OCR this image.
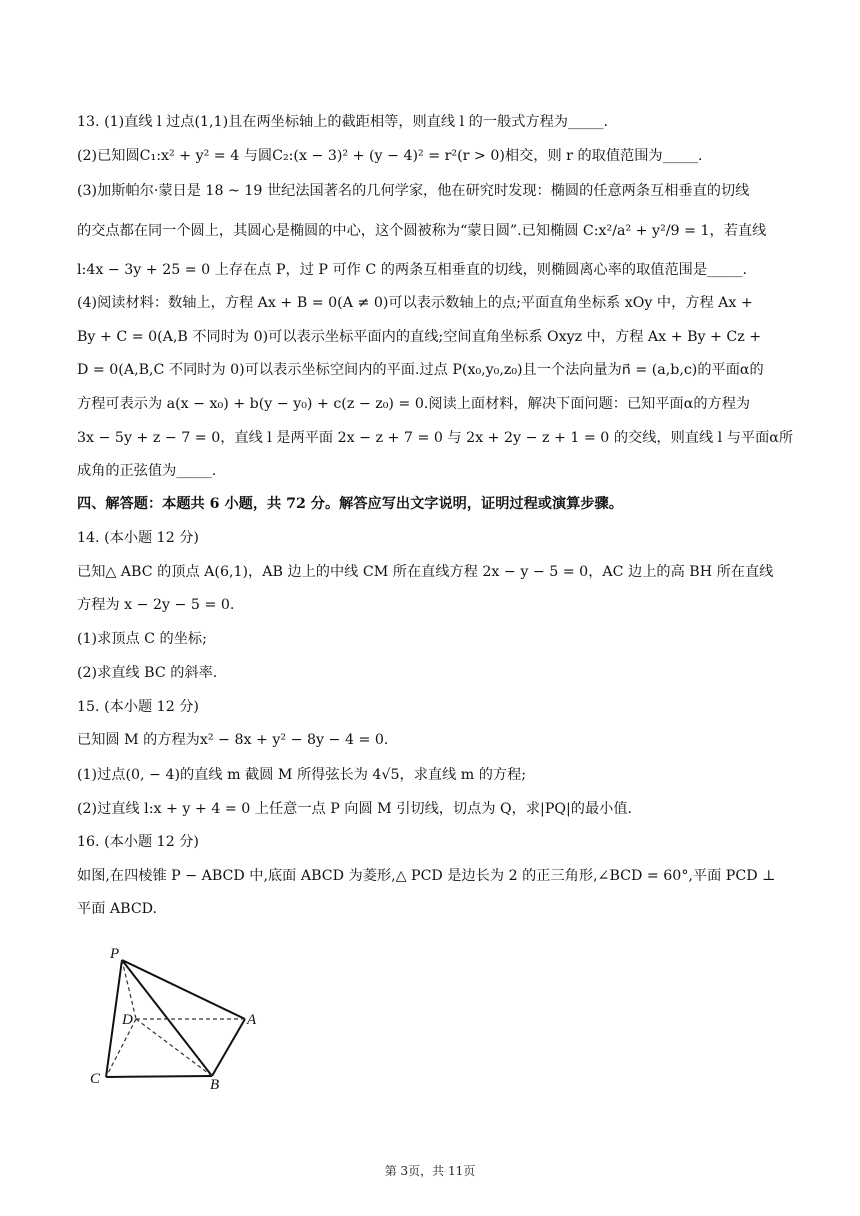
13. (1)直线 l 过点(1,1)且在两坐标轴上的截距相等，则直线 l 的一般式方程为_____.
(2)已知圆C₁:x² + y² = 4 与圆C₂:(x − 3)² + (y − 4)² = r²(r > 0)相交，则 r 的取值范围为_____.
(3)加斯帕尔·蒙日是 18 ~ 19 世纪法国著名的几何学家，他在研究时发现：椭圆的任意两条互相垂直的切线
的交点都在同一个圆上，其圆心是椭圆的中心，这个圆被称为“蒙日圆”.已知椭圆 C:x²/a² + y²/9 = 1，若直线
l:4x − 3y + 25 = 0 上存在点 P，过 P 可作 C 的两条互相垂直的切线，则椭圆离心率的取值范围是_____.
(4)阅读材料：数轴上，方程 Ax + B = 0(A ≠ 0)可以表示数轴上的点;平面直角坐标系 xOy 中，方程 Ax +
By + C = 0(A,B 不同时为 0)可以表示坐标平面内的直线;空间直角坐标系 Oxyz 中，方程 Ax + By + Cz +
D = 0(A,B,C 不同时为 0)可以表示坐标空间内的平面.过点 P(x₀,y₀,z₀)且一个法向量为n⃗ = (a,b,c)的平面α的
方程可表示为 a(x − x₀) + b(y − y₀) + c(z − z₀) = 0.阅读上面材料，解决下面问题：已知平面α的方程为
3x − 5y + z − 7 = 0，直线 l 是两平面 2x − z + 7 = 0 与 2x + 2y − z + 1 = 0 的交线，则直线 l 与平面α所
成角的正弦值为_____.
四、解答题：本题共 6 小题，共 72 分。解答应写出文字说明，证明过程或演算步骤。
14. (本小题 12 分)
已知△ ABC 的顶点 A(6,1)，AB 边上的中线 CM 所在直线方程 2x − y − 5 = 0，AC 边上的高 BH 所在直线
方程为 x − 2y − 5 = 0.
(1)求顶点 C 的坐标;
(2)求直线 BC 的斜率.
15. (本小题 12 分)
已知圆 M 的方程为x² − 8x + y² − 8y − 4 = 0.
(1)过点(0, − 4)的直线 m 截圆 M 所得弦长为 4√5，求直线 m 的方程;
(2)过直线 l:x + y + 4 = 0 上任意一点 P 向圆 M 引切线，切点为 Q，求|PQ|的最小值.
16. (本小题 12 分)
如图,在四棱锥 P − ABCD 中,底面 ABCD 为菱形,△ PCD 是边长为 2 的正三角形,∠BCD = 60°,平面 PCD ⊥
平面 ABCD.
P
D	A
C	B
第 3页，共 11页
